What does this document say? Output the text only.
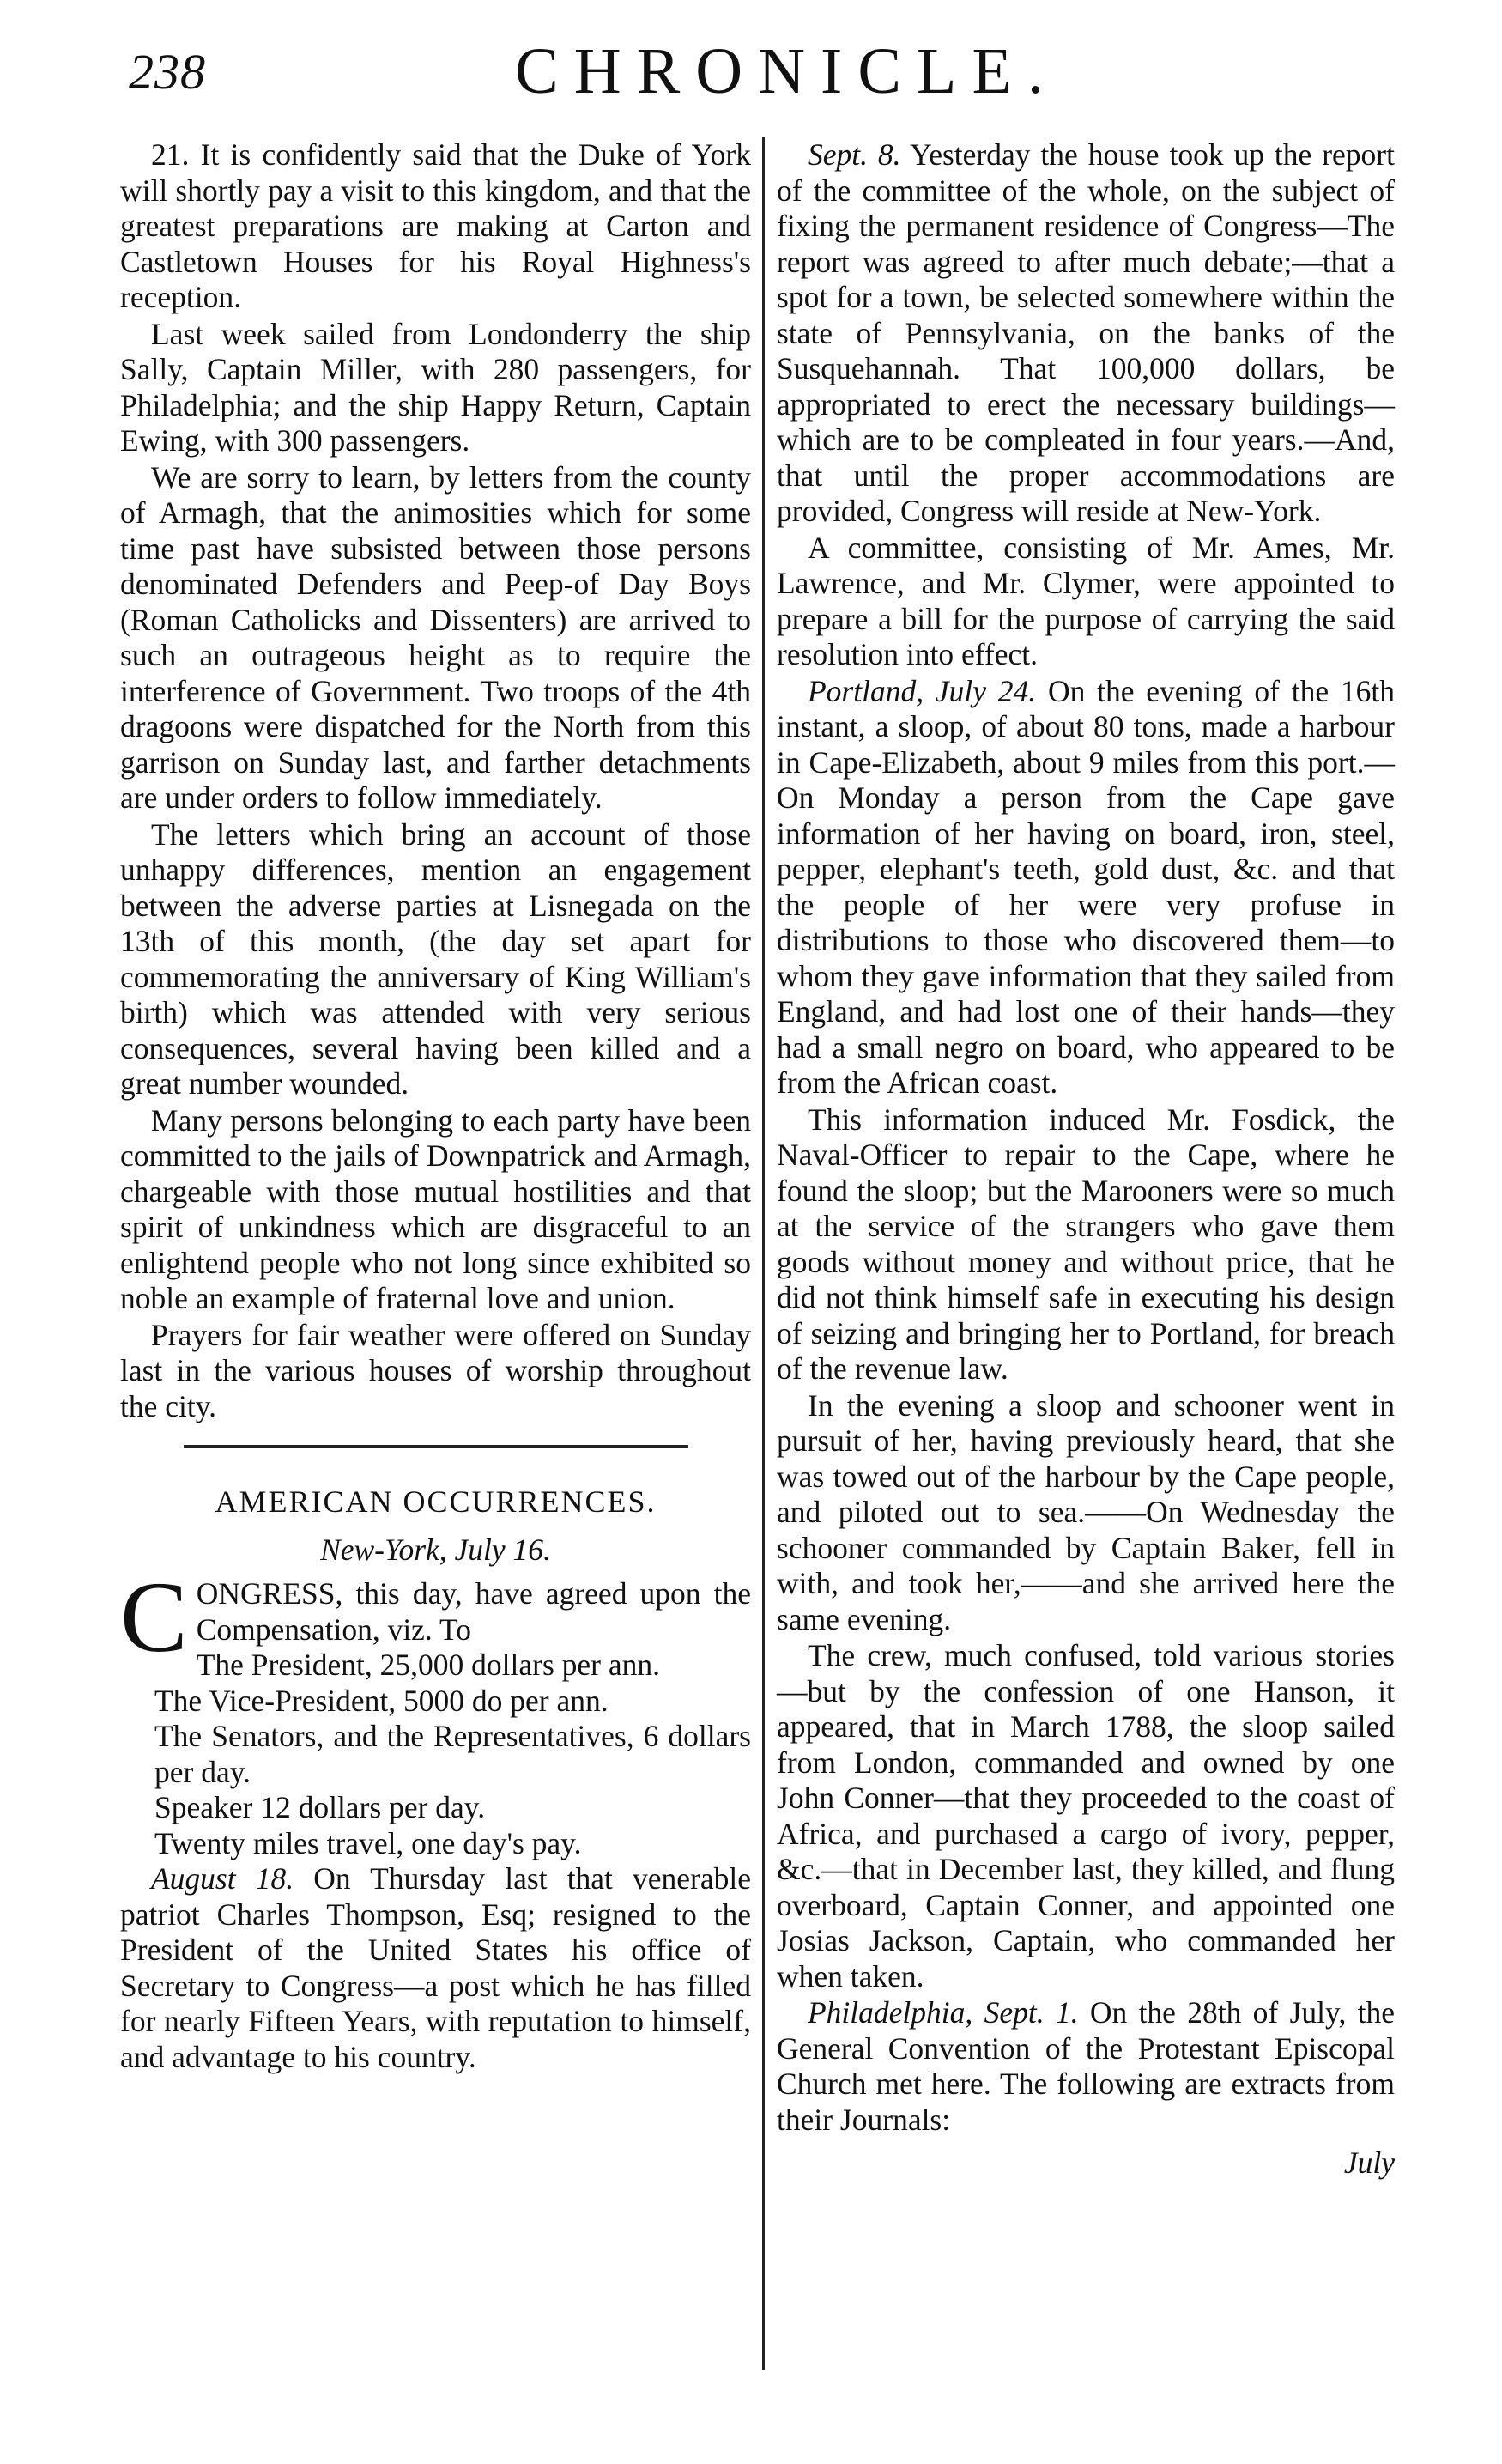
238	CHRONICLE.

21. It is confidently said that the Duke of York will shortly pay a visit to this kingdom, and that the greatest preparations are making at Carton and Castletown Houses for his Royal Highness's reception.

Last week sailed from Londonderry the ship Sally, Captain Miller, with 280 passengers, for Philadelphia; and the ship Happy Return, Captain Ewing, with 300 passengers.

We are sorry to learn, by letters from the county of Armagh, that the animosities which for some time past have subsisted between those persons denominated Defenders and Peep-of Day Boys (Roman Catholicks and Dissenters) are arrived to such an outrageous height as to require the interference of Government. Two troops of the 4th dragoons were dispatched for the North from this garrison on Sunday last, and farther detachments are under orders to follow immediately.

The letters which bring an account of those unhappy differences, mention an engagement between the adverse parties at Lisnegada on the 13th of this month, (the day set apart for commemorating the anniversary of King William's birth) which was attended with very serious consequences, several having been killed and a great number wounded.

Many persons belonging to each party have been committed to the jails of Downpatrick and Armagh, chargeable with those mutual hostilities and that spirit of unkindness which are disgraceful to an enlightend people who not long since exhibited so noble an example of fraternal love and union.

Prayers for fair weather were offered on Sunday last in the various houses of worship throughout the city.

AMERICAN OCCURRENCES.
New-York, July 16.

CONGRESS, this day, have agreed upon the Compensation, viz. To

The President, 25,000 dollars per ann.

The Vice-President, 5000 do per ann.

The Senators, and the Representatives, 6 dollars per day.

Speaker 12 dollars per day.

Twenty miles travel, one day's pay.

August 18. On Thursday last that venerable patriot Charles Thompson, Esq; resigned to the President of the United States his office of Secretary to Congress—a post which he has filled for nearly Fifteen Years, with reputation to himself, and advantage to his country.

Sept. 8. Yesterday the house took up the report of the committee of the whole, on the subject of fixing the permanent residence of Congress—The report was agreed to after much debate;—that a spot for a town, be selected somewhere within the state of Pennsylvania, on the banks of the Susquehannah. That 100,000 dollars, be appropriated to erect the necessary buildings—which are to be compleated in four years.—And, that until the proper accommodations are provided, Congress will reside at New-York.

A committee, consisting of Mr. Ames, Mr. Lawrence, and Mr. Clymer, were appointed to prepare a bill for the purpose of carrying the said resolution into effect.

Portland, July 24. On the evening of the 16th instant, a sloop, of about 80 tons, made a harbour in Cape-Elizabeth, about 9 miles from this port.—On Monday a person from the Cape gave information of her having on board, iron, steel, pepper, elephant's teeth, gold dust, &c. and that the people of her were very profuse in distributions to those who discovered them—to whom they gave information that they sailed from England, and had lost one of their hands—they had a small negro on board, who appeared to be from the African coast.

This information induced Mr. Fosdick, the Naval-Officer to repair to the Cape, where he found the sloop; but the Marooners were so much at the service of the strangers who gave them goods without money and without price, that he did not think himself safe in executing his design of seizing and bringing her to Portland, for breach of the revenue law.

In the evening a sloop and schooner went in pursuit of her, having previously heard, that she was towed out of the harbour by the Cape people, and piloted out to sea.——On Wednesday the schooner commanded by Captain Baker, fell in with, and took her,——and she arrived here the same evening.

The crew, much confused, told various stories—but by the confession of one Hanson, it appeared, that in March 1788, the sloop sailed from London, commanded and owned by one John Conner—that they proceeded to the coast of Africa, and purchased a cargo of ivory, pepper, &c.—that in December last, they killed, and flung overboard, Captain Conner, and appointed one Josias Jackson, Captain, who commanded her when taken.

Philadelphia, Sept. 1. On the 28th of July, the General Convention of the Protestant Episcopal Church met here. The following are extracts from their Journals:

July
